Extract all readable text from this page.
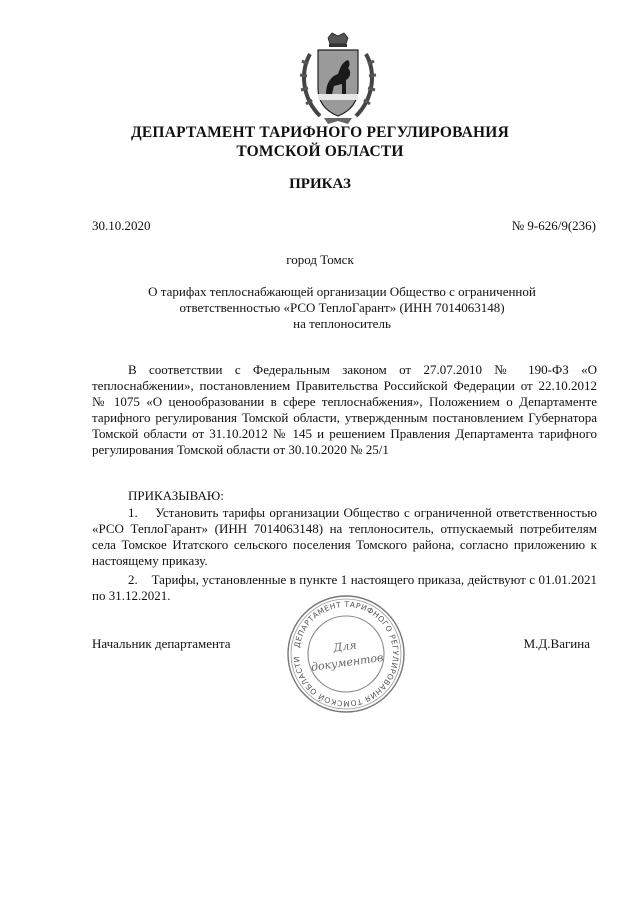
ДЕПАРТАМЕНТ ТАРИФНОГО РЕГУЛИРОВАНИЯ
ТОМСКОЙ ОБЛАСТИ
ПРИКАЗ
30.10.2020	№ 9-626/9(236)
город Томск
О тарифах теплоснабжающей организации Общество с ограниченной
ответственностью «РСО ТеплоГарант» (ИНН 7014063148)
на теплоноситель
В соответствии с Федеральным законом от 27.07.2010 № 190-ФЗ «О теплоснабжении», постановлением Правительства Российской Федерации от 22.10.2012 № 1075 «О ценообразовании в сфере теплоснабжения», Положением о Департаменте тарифного регулирования Томской области, утвержденным постановлением Губернатора Томской области от 31.10.2012 № 145 и решением Правления Департамента тарифного регулирования Томской области от 30.10.2020 № 25/1
ПРИКАЗЫВАЮ:
1.    Установить тарифы организации Общество с ограниченной ответственностью «РСО ТеплоГарант» (ИНН 7014063148) на теплоноситель, отпускаемый потребителям села Томское Итатского сельского поселения Томского района, согласно приложению к настоящему приказу.
2.    Тарифы, установленные в пункте 1 настоящего приказа, действуют с 01.01.2021 по 31.12.2021.
Начальник департамента	М.Д.Вагина
ДЕПАРТАМЕНТ ТАРИФНОГО РЕГУЛИРОВАНИЯ ТОМСКОЙ ОБЛАСТИ
Для
документов
